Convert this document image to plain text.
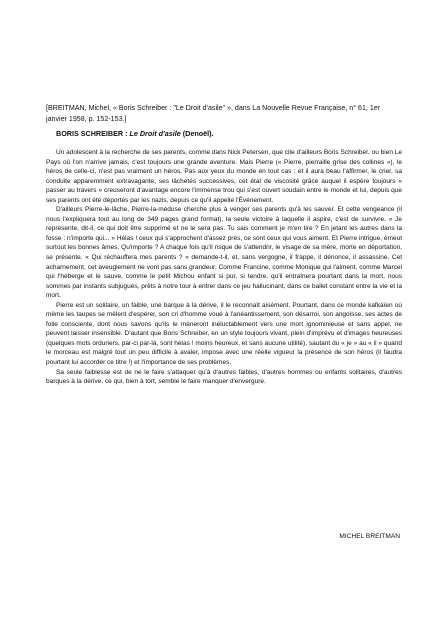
[BREITMAN, Michel, « Boris Schreiber : "Le Droit d'asile" », dans La Nouvelle Revue Française, n° 61, 1er janvier 1958, p. 152-153.]
BORIS SCHREIBER : Le Droit d'asile (Denoël).

Un adolescent à la recherche de ses parents, comme dans Nick Petersen, que cite d'ailleurs Boris Schreiber, ou bien Le Pays où l'on n'arrive jamais, c'est toujours une grande aventure. Mais Pierre (« Pierre, pierraille grise des collines »), le héros de celle-ci, n'est pas vraiment un héros. Pas aux yeux du monde en tout cas ; et il aura beau l'affirmer, le crier, sa conduite apparemment extravagante, ses lâchetés successives, cet état de viscosité grâce auquel il espère toujours « passer au travers » creuseront d'avantage encore l'immense trou qui s'est ouvert soudain entre le monde et lui, depuis que ses parents ont été déportés par les nazis, depuis ce qu'il appelle l'Événement.

D'ailleurs Pierre-le-lâche, Pierre-la-méduse cherche plus à venger ses parents qu'à les sauver. Et cette vengeance (il nous l'expliquera tout au long de 349 pages grand format), la seule victoire à laquelle il aspire, c'est de survivre. « Je représente, dit-il, ce qui doit être supprimé et ne le sera pas. Tu sais comment je m'en tire ? En jetant les autres dans la fosse : n'importe qui... » Hélas ! ceux qui s'approchent d'assez près, ce sont ceux qui vous aiment. Et Pierre intrigue, émeut surtout les bonnes âmes. Qu'importe ? A chaque fois qu'il risque de s'attendrir, le visage de sa mère, morte en déportation, se présente. « Qui réchauffera mes parents ? » demande-t-il, et, sans vergogne, il frappe, il dénonce, il assassine. Cet acharnement, cet aveuglement ne vont pas sans grandeur. Comme Francine, comme Monique qui l'aiment, comme Marcel qui l'héberge et le sauve, comme le petit Michou enfant si pur, si tendre, qu'il entraînera pourtant dans la mort, nous sommes par instants subjugués, prêts à notre tour à entrer dans ce jeu hallucinant, dans ce ballet constant entre la vie et la mort.

Pierre est un solitaire, un faible, une barque à la dérive, il le reconnaît aisément. Pourtant, dans ce monde kafkaïen où même les taupes se mêlent d'espérer, son cri d'homme voué à l'anéantissement, son désarroi, son angoisse, ses actes de folie consciente, dont nous savons qu'ils le mèneront inéluctablement vers une mort ignominieuse et sans appel, ne peuvent laisser insensible. D'autant que Boris Schreiber, en un style toujours vivant, plein d'imprévu et d'images heureuses (quelques mots orduriers, par-ci par-là, sont hélas ! moins heureux, et sans aucune utilité), sautant du « je » au « il » quand le morceau est malgré tout un peu difficile à avaler, impose avec une réelle vigueur la présence de son héros (il faudra pourtant lui accorder ce titre !) et l'importance de ses problèmes.

Sa seule faiblesse est de ne le faire s'attaquer qu'à d'autres faibles, d'autres hommes ou enfants solitaires, d'autres barques à la dérive, ce qui, bien à tort, semble le faire manquer d'envergure.

MICHEL BREITMAN
